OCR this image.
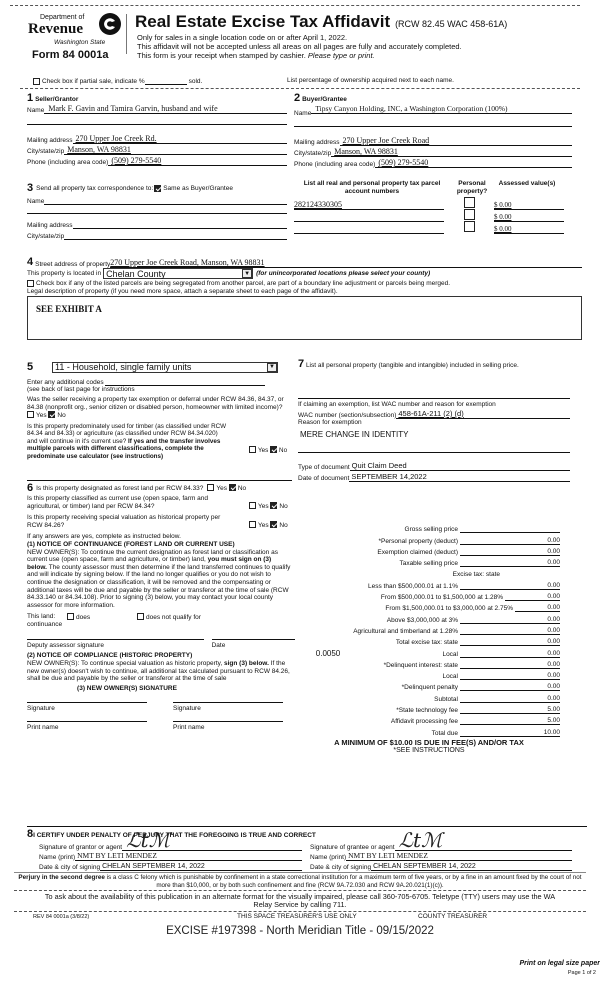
Department of
Revenue
Washington State
Form 84 0001a
Real Estate Excise Tax Affidavit (RCW 82.45 WAC 458-61A)
Only for sales in a single location code on or after April 1, 2022.
This affidavit will not be accepted unless all areas on all pages are fully and accurately completed.
This form is your receipt when stamped by cashier. Please type or print.
Check box if partial sale, indicate %	sold.	List percentage of ownership acquired next to each name.
1 Seller/Grantor
Name Mark F. Gavin and Tamira Garvin, husband and wife
Mailing address 270 Upper Joe Creek Rd.
City/state/zip Manson, WA 98831
Phone (including area code) (509) 279-5540
3 Send all property tax correspondence to: Same as Buyer/Grantee
Name
Mailing address
City/state/zip
2 Buyer/Grantee
Name
Tipsy Canyon Holding, INC, a Washington Corporation (100%)
Mailing address 270 Upper Joe Creek Road
City/state/zip Manson, WA 98831
Phone (including area code) (509) 279-5540
List all real and personal property tax parcel account numbers
Personal property?
Assessed value(s)
282124330305	$ 0.00
$ 0.00
$ 0.00
4 Street address of property 270 Upper Joe Creek Road, Manson, WA 98831
This property is located in Chelan County	▼ (for unincorporated locations please select your county)
Check box if any of the listed parcels are being segregated from another parcel, are part of a boundary line adjustment or parcels being merged.
Legal description of property (if you need more space, attach a separate sheet to each page of the affidavit).
SEE EXHIBIT A
5	11 - Household, single family units	▼
Enter any additional codes
(see back of last page for instructions
Was the seller receiving a property tax exemption or deferral under RCW 84.36, 84.37, or 84.38 (nonprofit org., senior citizen or disabled person, homeowner with limited income)? Yes No
Is this property predominately used for timber (as classified under RCW 84.34 and 84.33) or agriculture (as classified under RCW 84.34.020) and will continue in it's current use? If yes and the transfer involves multiple parcels with different classifications, complete the predominate use calculator (see instructions)
Yes No
6 Is this property designated as forest land per RCW 84.33?	Yes No
Is this property classified as current use (open space, farm and agricultural, or timber) land per RCW 84.34?	Yes No
Is this property receiving special valuation as historical property per RCW 84.26?	Yes No
If any answers are yes, complete as instructed below.
(1) NOTICE OF CONTINUANCE (FOREST LAND OR CURRENT USE)
NEW OWNER(S): To continue the current designation as forest land or classification as current use (open space, farm and agriculture, or timber) land, you must sign on (3) below. The county assessor must then determine if the land transferred continues to qualify and will indicate by signing below. If the land no longer qualifies or you do not wish to continue the designation or classification, it will be removed and the compensating or additional taxes will be due and payable by the seller or transferor at the time of sale (RCW 84.33.140 or 84.34.108). Prior to signing (3) below, you may contact your local county assessor for more information.
This land:
continuance
does	does not qualify for
Deputy assessor signature	Date
(2) NOTICE OF COMPLIANCE (HISTORIC PROPERTY)
NEW OWNER(S): To continue special valuation as historic property, sign (3) below. If the new owner(s) doesn't wish to continue, all additional tax calculated pursuant to RCW 84.26, shall be due and payable by the seller or transferor at the time of sale
(3) NEW OWNER(S) SIGNATURE
Signature	Signature
Print name	Print name
7 List all personal property (tangible and intangible) included in selling price.
If claiming an exemption, list WAC number and reason for exemption
WAC number (section/subsection) 458-61A-211 (2) (d)
Reason for exemption
MERE CHANGE IN IDENTITY
Type of document Quit Claim Deed
Date of document SEPTEMBER 14,2022
Gross selling price
*Personal property (deduct)	0.00
Exemption claimed (deduct)	0.00
Taxable selling price	0.00
Excise tax: state
Less than $500,000.01 at 1.1%	0.00
From $500,000.01 to $1,500,000 at 1.28%	0.00
From $1,500,000.01 to $3,000,000 at 2.75%	0.00
Above $3,000,000 at 3%	0.00
Agricultural and timberland at 1.28%	0.00
Total excise tax: state	0.00
0.0050	Local	0.00
*Delinquent interest: state	0.00
Local	0.00
*Delinquent penalty	0.00
Subtotal	0.00
*State technology fee	5.00
Affidavit processing fee	5.00
Total due	10.00
A MINIMUM OF $10.00 IS DUE IN FEE(S) AND/OR TAX
*SEE INSTRUCTIONS
8I CERTIFY UNDER PENALTY OF PERJURY THAT THE FOREGOING IS TRUE AND CORRECT
Signature of grantor or agent ℒtℳ
Name (print) NMT BY LETI MENDEZ
Date & city of signing CHELAN SEPTEMBER 14, 2022
Signature of grantee or agent ℒtℳ
Name (print) NMT BY LETI MENDEZ
Date & city of signing CHELAN SEPTEMBER 14, 2022
Perjury in the second degree is a class C felony which is punishable by confinement in a state correctional institution for a maximum term of five years, or by a fine in an amount fixed by the court of not more than $10,000, or by both such confinement and fine (RCW 9A.72.030 and RCW 9A.20.021(1)(c)).
To ask about the availability of this publication in an alternate format for the visually impaired, please call 360-705-6705. Teletype (TTY) users may use the WA Relay Service by calling 711.
REV 84 0001a (3/8/22)	THIS SPACE TREASURER'S USE ONLY	COUNTY TREASURER
EXCISE #197398 - North Meridian Title - 09/15/2022
Print on legal size paper
Page 1 of 2
